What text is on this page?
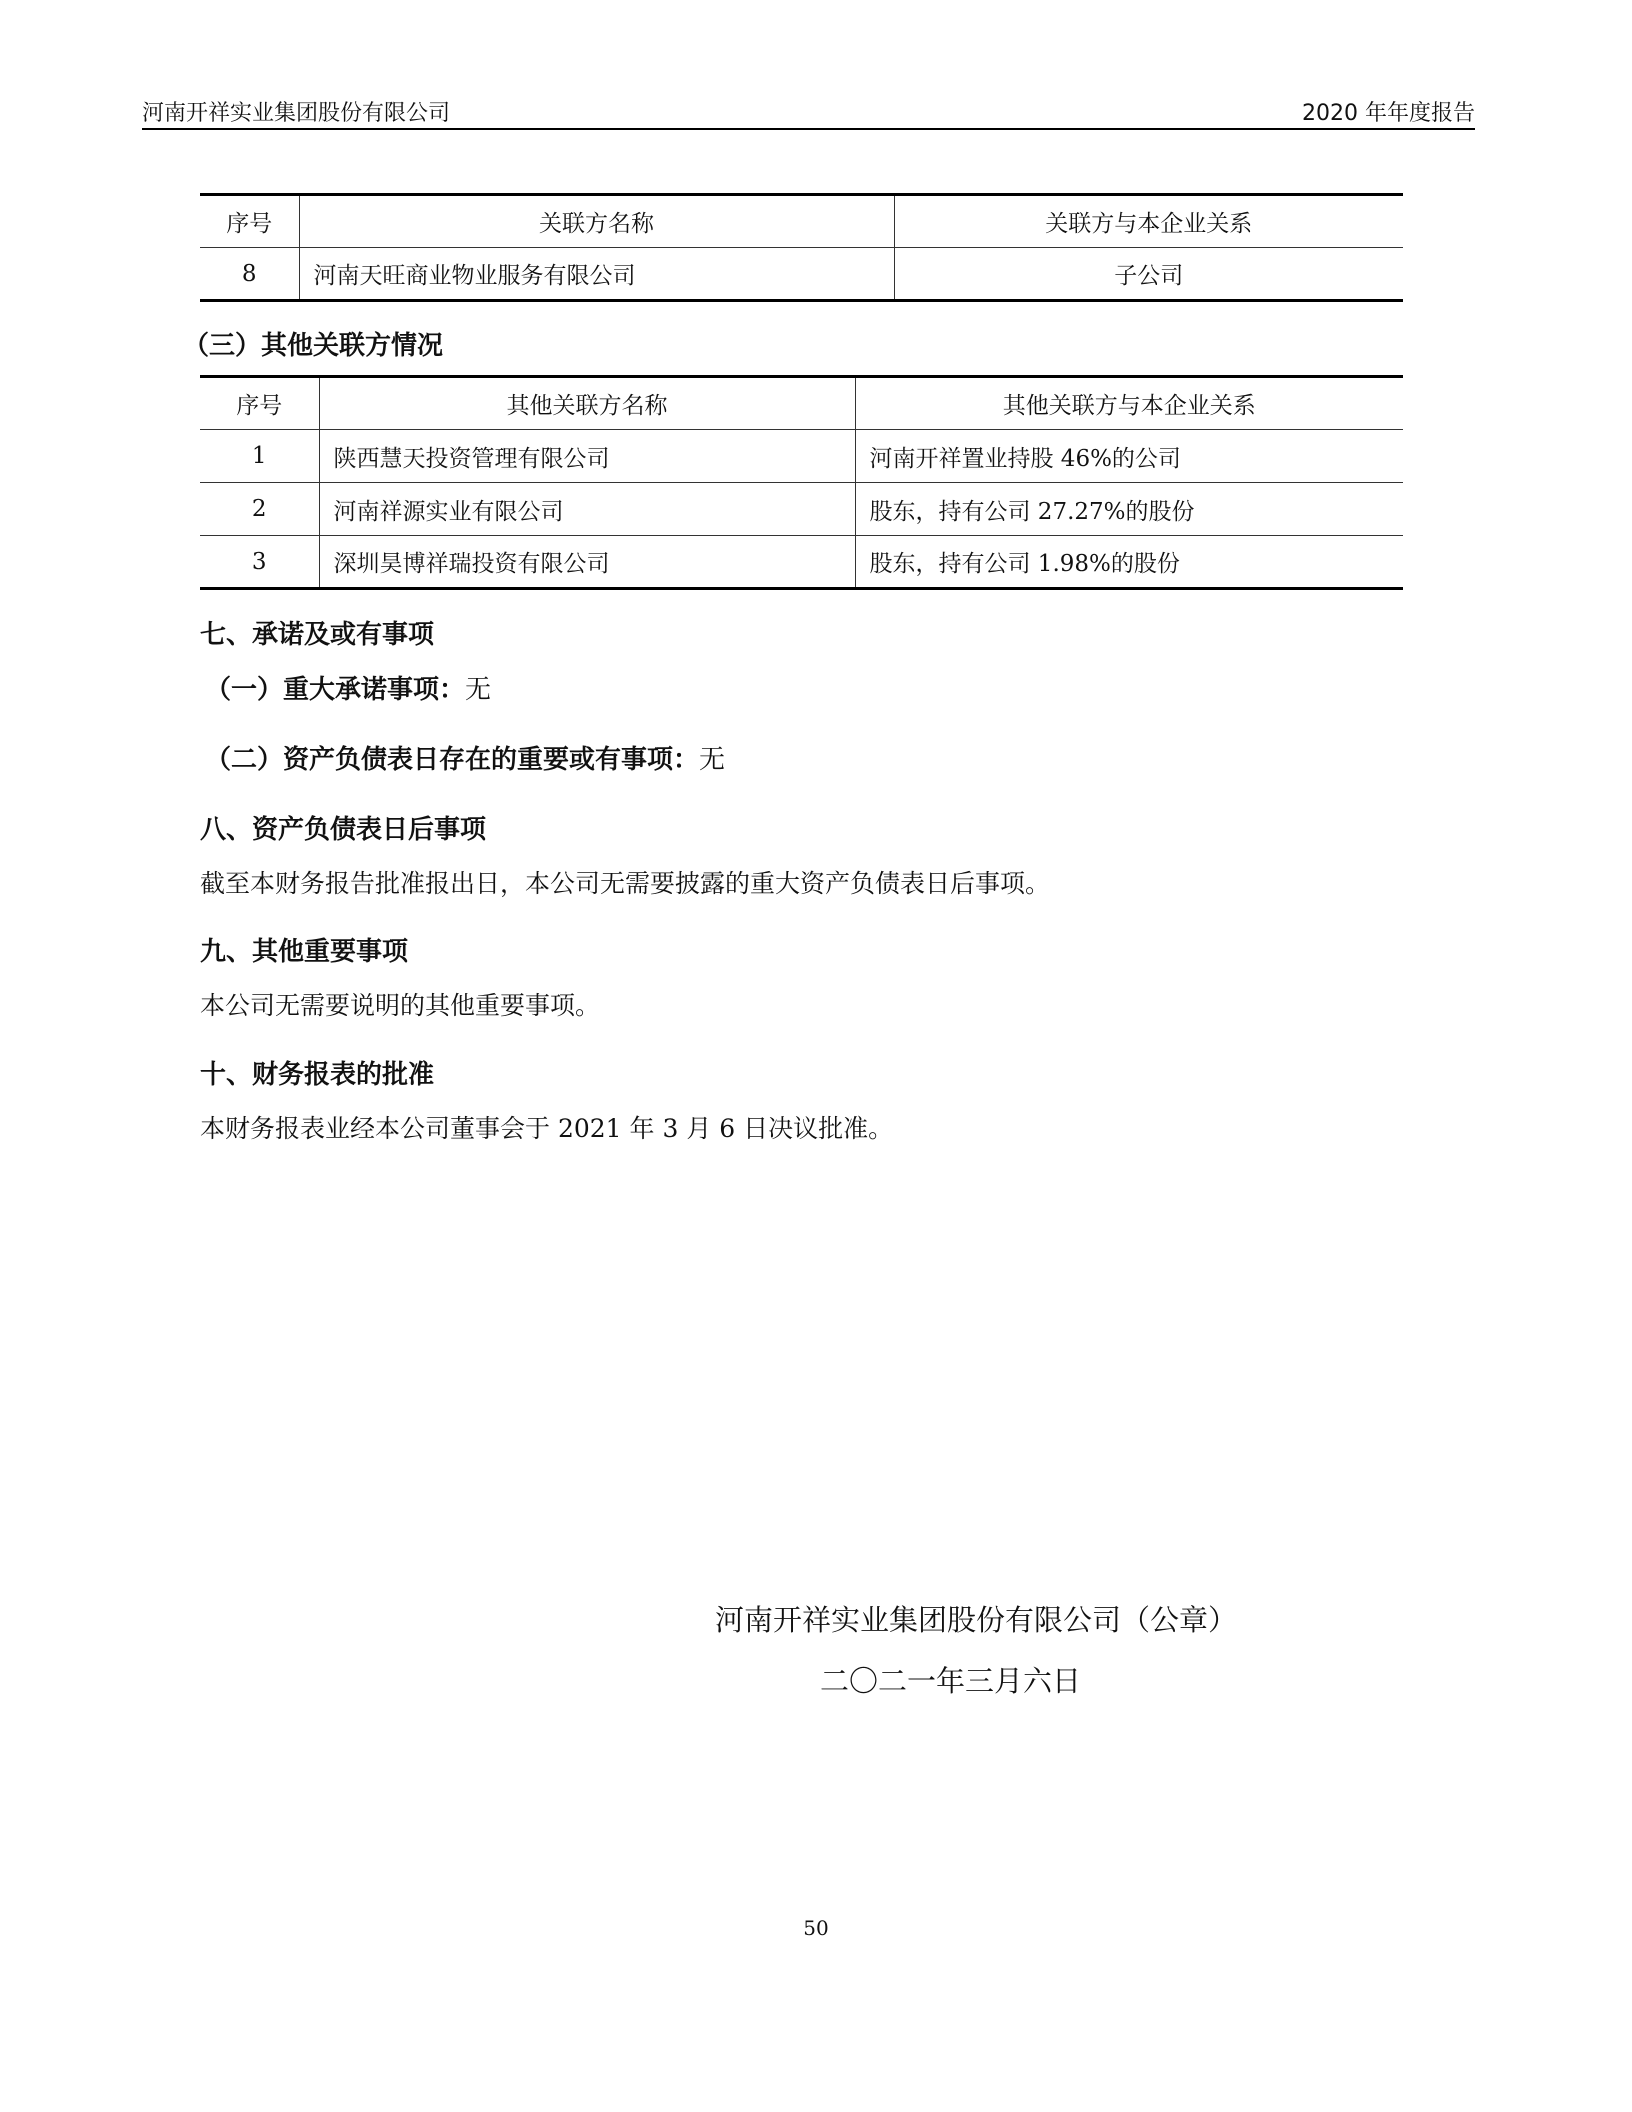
河南开祥实业集团股份有限公司	2020 年年度报告
序号	关联方名称	关联方与本企业关系
8	河南天旺商业物业服务有限公司	子公司
（三）其他关联方情况
序号	其他关联方名称	其他关联方与本企业关系
1	陕西慧天投资管理有限公司	河南开祥置业持股 46%的公司
2	河南祥源实业有限公司	股东，持有公司 27.27%的股份
3	深圳昊博祥瑞投资有限公司	股东，持有公司 1.98%的股份
七、承诺及或有事项
（一）重大承诺事项：无
（二）资产负债表日存在的重要或有事项：无
八、资产负债表日后事项
截至本财务报告批准报出日，本公司无需要披露的重大资产负债表日后事项。
九、其他重要事项
本公司无需要说明的其他重要事项。
十、财务报表的批准
本财务报表业经本公司董事会于 2021 年 3 月 6 日决议批准。
河南开祥实业集团股份有限公司（公章）
二〇二一年三月六日
50
